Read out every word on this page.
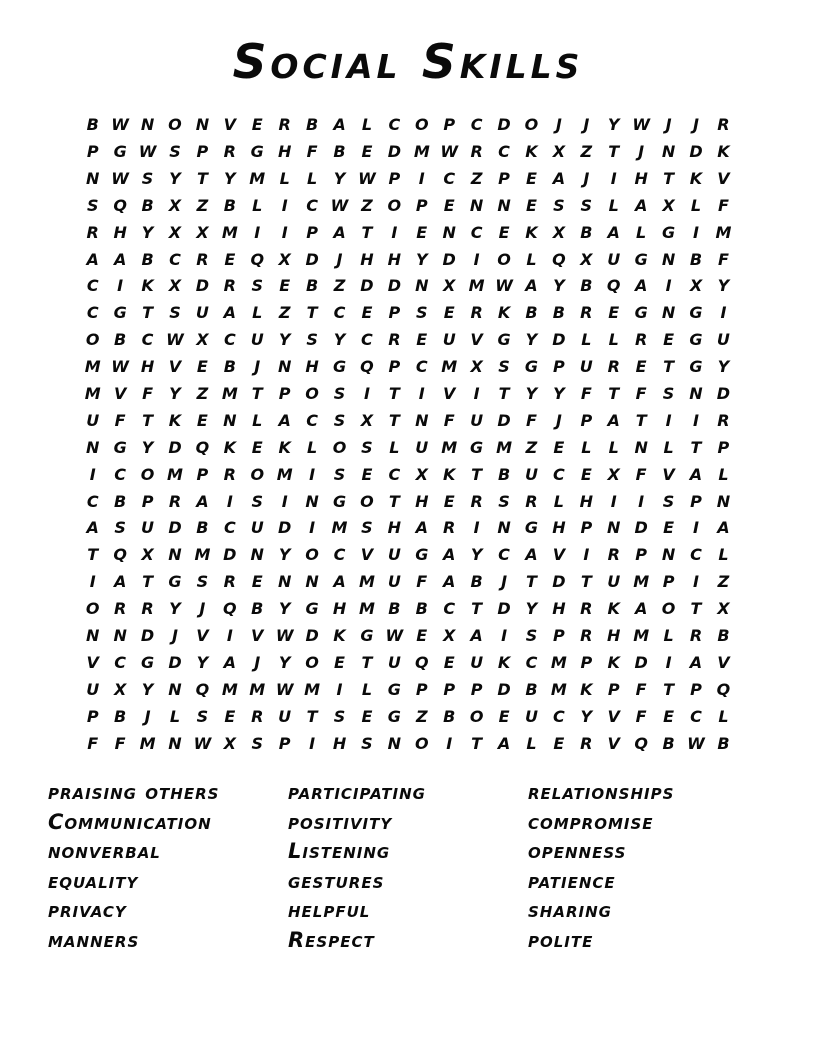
Social Skills
B W N O N V E R B A	L	C O P C D O	J	J	Y W J	J	R
P G W S P R G H F B E D M W R C K X Z	T	J	N D K
N W S Y	T	Y M L	L	Y W P	I	C Z P	E A	J	I	H T K V
S Q B X Z B	L	I	C W Z O P	E N N E	S S	L	A X	L	F
R H Y X X M	I	I	P A T	I	E N C	E K X B A	L G	I	M
A A B C R E Q X D	J	H H Y D	I	O L Q X U G N B F
C	I	K X D R S	E B Z D D N X M W A Y B Q A	I	X Y
C G T	S U A	L	Z	T	C	E	P S	E R K B B R E G N G	I
O B C W X C U Y S Y C R E U V G Y D L	L	R E G U
M W H V E B	J	N H G Q P C M X S G P U R E	T G Y
M V F	Y Z M T	P O S	I	T	I	V	I	T	Y Y	F	T	F	S N D
U F	T K E N L	A C S X T N F U D F	J	P A T	I	I	R
N G Y D Q K E K	L O S	L U M G M Z	E	L	L N L	T	P
I	C O M P R O M	I	S	E	C X K T B U C	E X F V A	L
C B P R A	I	S	I	N G O T H E R S R	L H	I	I	S P N
A S U D B C U D	I	M S H A R	I	N G H P N D E	I	A
T Q X N M D N Y O C V U G A Y C A V	I	R P N C	L
I	A T G S R E N N A M U F A B	J	T D T U M P	I	Z
O R R Y	J	Q B Y G H M B B C	T D Y H R K A O T X
N N D	J	V	I	V W D K G W E X A	I	S P R H M L	R B
V C G D Y A	J	Y O E	T U Q E U K C M P K D	I	A V
U X Y N Q M M W M	I	L G P P P D B M K P	F	T	P Q
P B	J	L	S	E R U T	S	E G Z B O E U C Y V F	E	C	L
F	F M N W X S P	I	H S N O	I	T A	L	E R V Q B W B
praising others
Communication
nonverbal
equality
privacy
manners
participating
positivity
Listening
gestures
helpful
Respect
relationships
compromise
openness
patience
sharing
polite
